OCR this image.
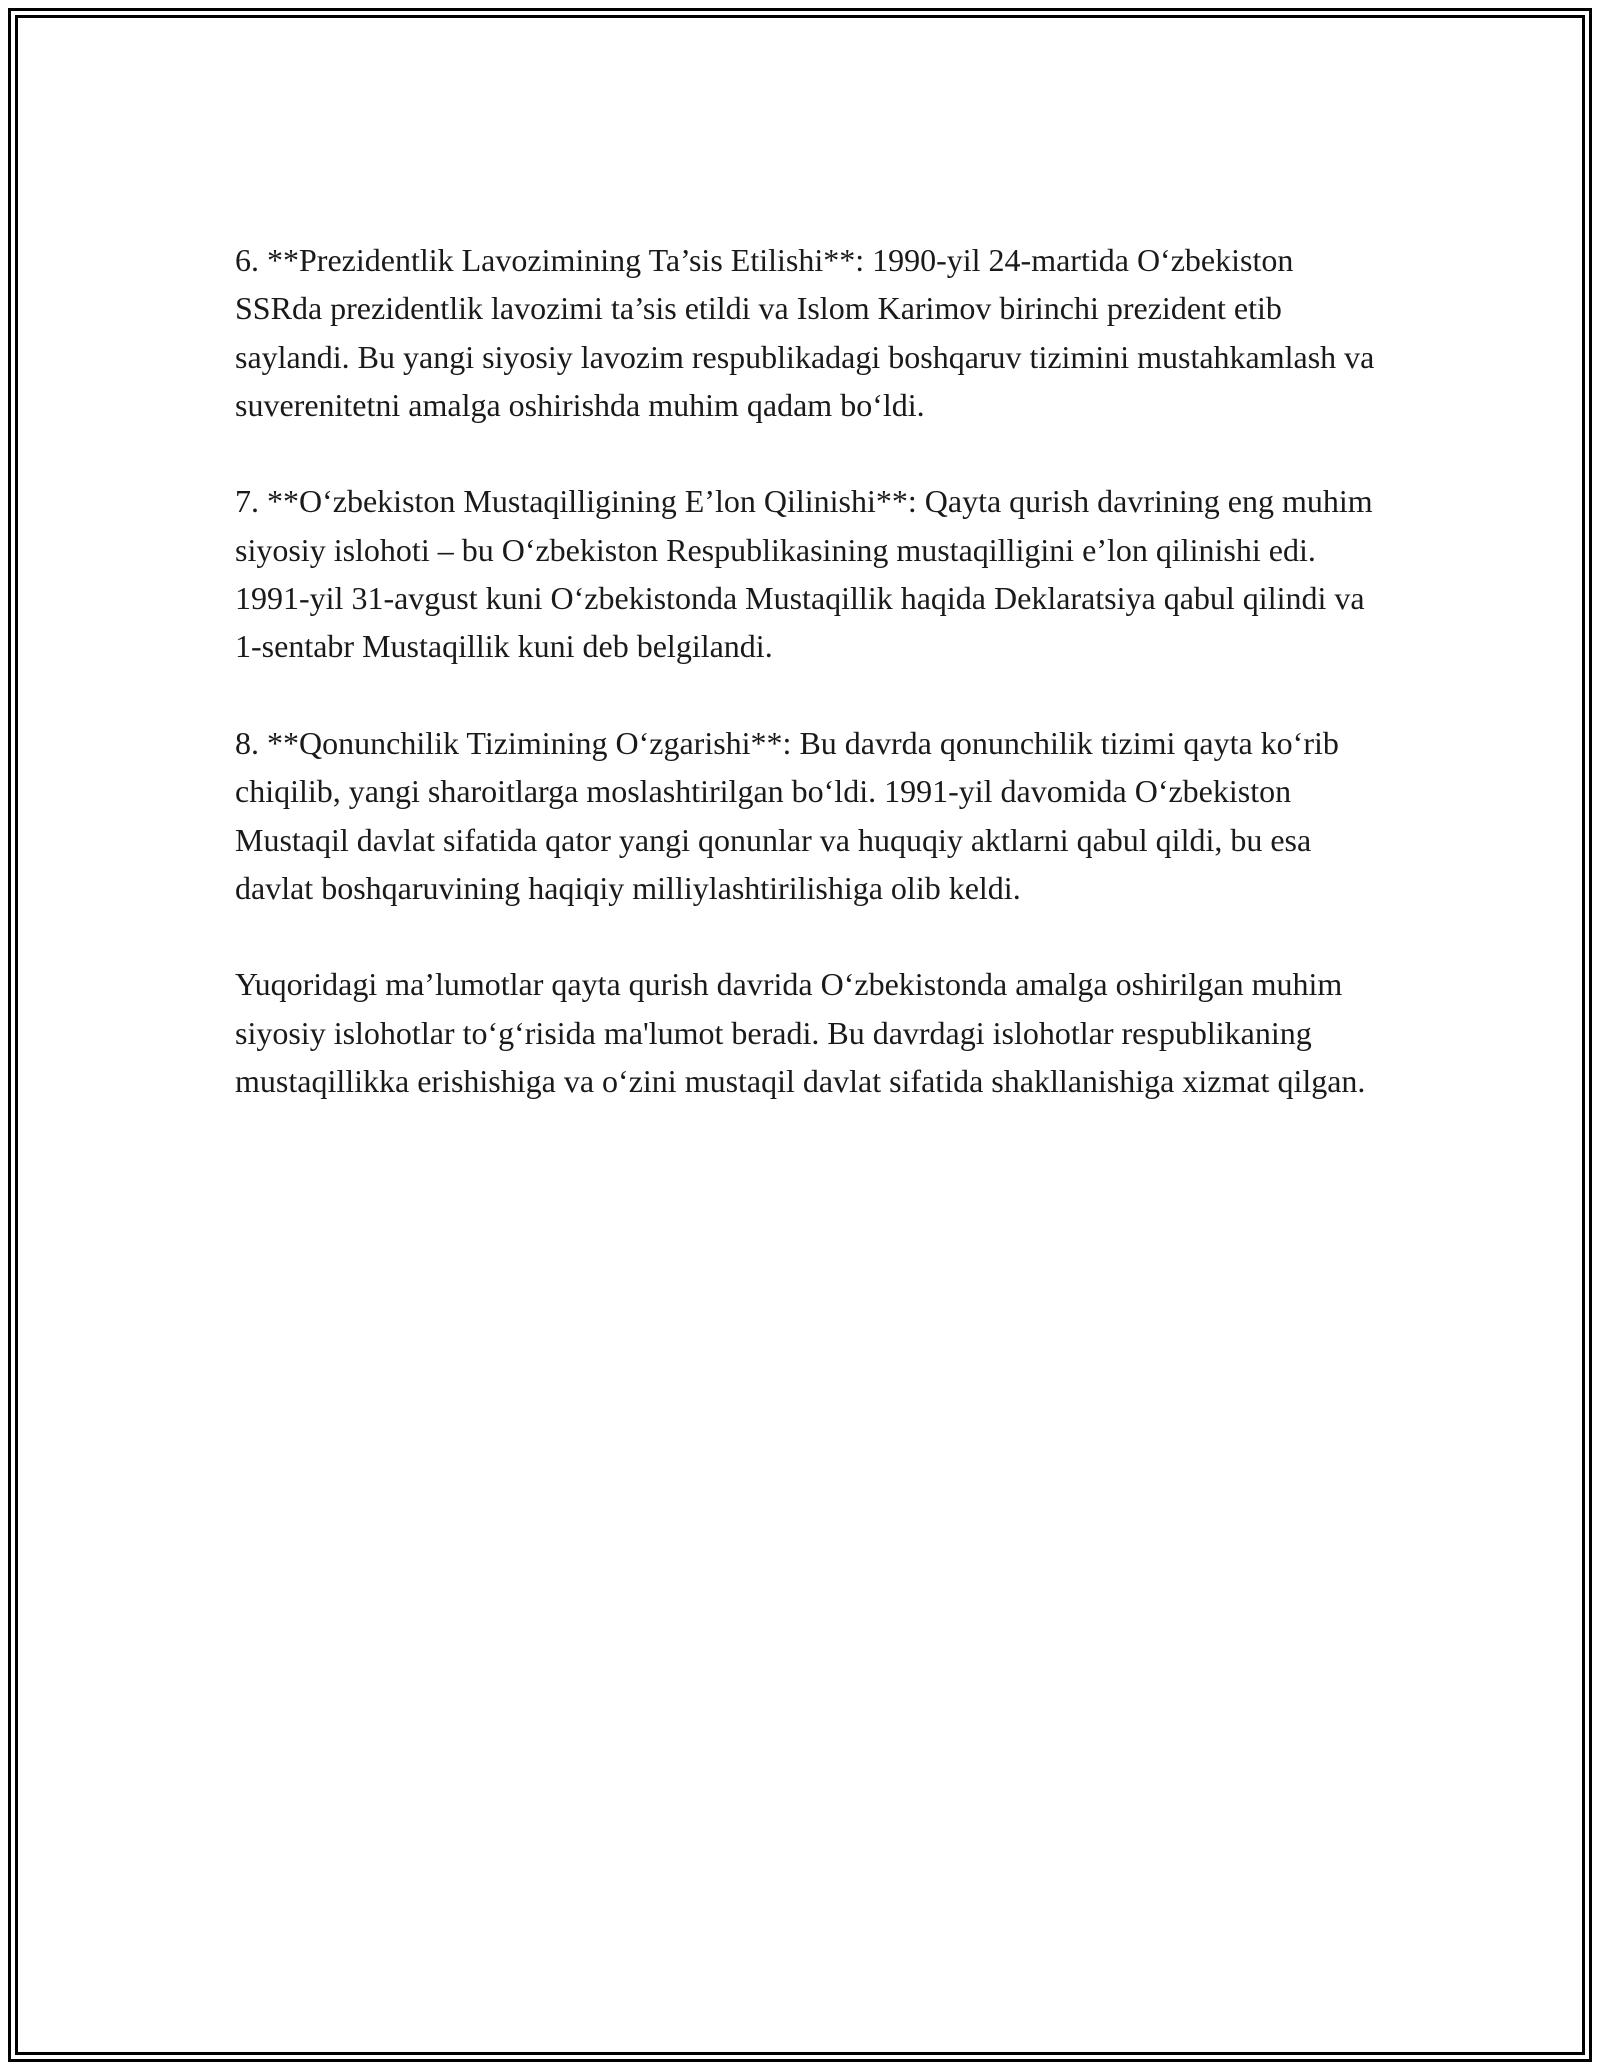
6. **Prezidentlik Lavozimining Ta’sis Etilishi**: 1990-yil 24-martida O‘zbekiston SSRda prezidentlik lavozimi ta’sis etildi va Islom Karimov birinchi prezident etib saylandi. Bu yangi siyosiy lavozim respublikadagi boshqaruv tizimini mustahkamlash va suverenitetni amalga oshirishda muhim qadam bo‘ldi.

7. **O‘zbekiston Mustaqilligining E’lon Qilinishi**: Qayta qurish davrining eng muhim siyosiy islohoti – bu O‘zbekiston Respublikasining mustaqilligini e’lon qilinishi edi. 1991-yil 31-avgust kuni O‘zbekistonda Mustaqillik haqida Deklaratsiya qabul qilindi va 1-sentabr Mustaqillik kuni deb belgilandi.

8. **Qonunchilik Tizimining O‘zgarishi**: Bu davrda qonunchilik tizimi qayta ko‘rib chiqilib, yangi sharoitlarga moslashtirilgan bo‘ldi. 1991-yil davomida O‘zbekiston Mustaqil davlat sifatida qator yangi qonunlar va huquqiy aktlarni qabul qildi, bu esa davlat boshqaruvining haqiqiy milliylashtirilishiga olib keldi.

Yuqoridagi ma’lumotlar qayta qurish davrida O‘zbekistonda amalga oshirilgan muhim siyosiy islohotlar to‘g‘risida ma'lumot beradi. Bu davrdagi islohotlar respublikaning mustaqillikka erishishiga va o‘zini mustaqil davlat sifatida shakllanishiga xizmat qilgan.
